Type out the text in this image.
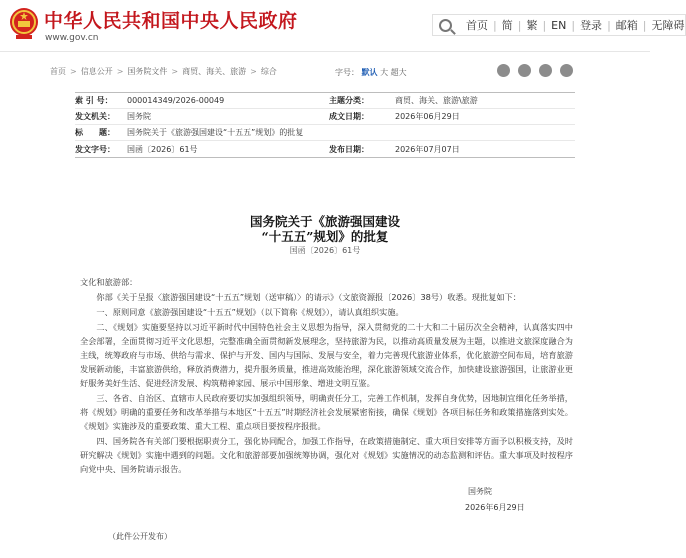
中华人民共和国中央人民政府
www.gov.cn
首页 | 简 | 繁 | EN | 登录 | 邮箱 | 无障碍
首页 > 信息公开 > 国务院文件 > 商贸、海关、旅游 > 综合	字号： 默认 大 超大
索 引 号：	000014349/2026-00049	主题分类：	商贸、海关、旅游\旅游
发文机关：	国务院	成文日期：	2026年06月29日
标　　题：	国务院关于《旅游强国建设“十五五”规划》的批复
发文字号：	国函〔2026〕61号	发布日期：	2026年07月07日
国务院关于《旅游强国建设
“十五五”规划》的批复
国函〔2026〕61号

文化和旅游部：

你部《关于呈报〈旅游强国建设“十五五”规划（送审稿）〉的请示》（文旅资源报〔2026〕38号）收悉。现批复如下：

一、原则同意《旅游强国建设“十五五”规划》（以下简称《规划》），请认真组织实施。

二、《规划》实施要坚持以习近平新时代中国特色社会主义思想为指导，深入贯彻党的二十大和二十届历次全会精神，认真落实四中全会部署，全面贯彻习近平文化思想，完整准确全面贯彻新发展理念，坚持旅游为民，以推动高质量发展为主题，以推进文旅深度融合为主线，统筹政府与市场、供给与需求、保护与开发、国内与国际、发展与安全，着力完善现代旅游业体系，优化旅游空间布局，培育旅游发展新动能，丰富旅游供给，释放消费潜力，提升服务质量，推进高效能治理，深化旅游领域交流合作，加快建设旅游强国，让旅游业更好服务美好生活、促进经济发展、构筑精神家园、展示中国形象、增进文明互鉴。

三、各省、自治区、直辖市人民政府要切实加强组织领导，明确责任分工，完善工作机制，发挥自身优势，因地制宜细化任务举措，将《规划》明确的重要任务和改革举措与本地区“十五五”时期经济社会发展紧密衔接，确保《规划》各项目标任务和政策措施落到实处。《规划》实施涉及的重要政策、重大工程、重点项目要按程序报批。

四、国务院各有关部门要根据职责分工，强化协同配合，加强工作指导，在政策措施制定、重大项目安排等方面予以积极支持，及时研究解决《规划》实施中遇到的问题。文化和旅游部要加强统筹协调，强化对《规划》实施情况的动态监测和评估。重大事项及时按程序向党中央、国务院请示报告。

国务院
2026年6月29日
（此件公开发布）
